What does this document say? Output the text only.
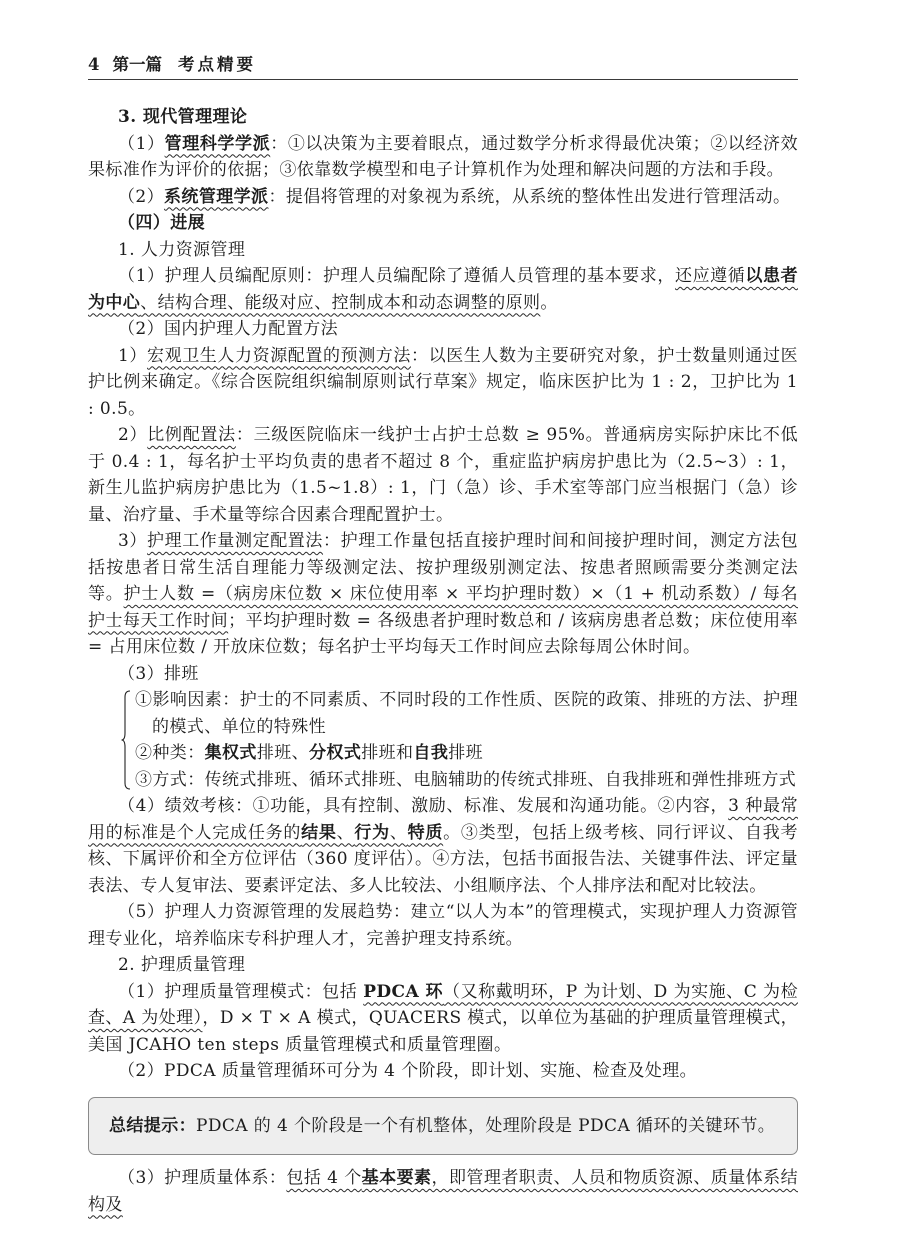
4 第一篇 考点精要

3. 现代管理理论

（1）管理科学学派：①以决策为主要着眼点，通过数学分析求得最优决策；②以经济效果标准作为评价的依据；③依靠数学模型和电子计算机作为处理和解决问题的方法和手段。

（2）系统管理学派：提倡将管理的对象视为系统，从系统的整体性出发进行管理活动。

（四）进展

1. 人力资源管理

（1）护理人员编配原则：护理人员编配除了遵循人员管理的基本要求，还应遵循以患者为中心、结构合理、能级对应、控制成本和动态调整的原则。

（2）国内护理人力配置方法

1）宏观卫生人力资源配置的预测方法：以医生人数为主要研究对象，护士数量则通过医护比例来确定。《综合医院组织编制原则试行草案》规定，临床医护比为 1 : 2，卫护比为 1 : 0.5。

2）比例配置法：三级医院临床一线护士占护士总数 ≥ 95%。普通病房实际护床比不低于 0.4 : 1，每名护士平均负责的患者不超过 8 个，重症监护病房护患比为（2.5~3）: 1，新生儿监护病房护患比为（1.5~1.8）: 1，门（急）诊、手术室等部门应当根据门（急）诊量、治疗量、手术量等综合因素合理配置护士。

3）护理工作量测定配置法：护理工作量包括直接护理时间和间接护理时间，测定方法包括按患者日常生活自理能力等级测定法、按护理级别测定法、按患者照顾需要分类测定法等。护士人数 =（病房床位数 × 床位使用率 × 平均护理时数）×（1 + 机动系数）/ 每名护士每天工作时间；平均护理时数 = 各级患者护理时数总和 / 该病房患者总数；床位使用率 = 占用床位数 / 开放床位数；每名护士平均每天工作时间应去除每周公休时间。

（3）排班

①影响因素：护士的不同素质、不同时段的工作性质、医院的政策、排班的方法、护理的模式、单位的特殊性

②种类：集权式排班、分权式排班和自我排班

③方式：传统式排班、循环式排班、电脑辅助的传统式排班、自我排班和弹性排班方式

（4）绩效考核：①功能，具有控制、激励、标准、发展和沟通功能。②内容，3 种最常用的标准是个人完成任务的结果、行为、特质。③类型，包括上级考核、同行评议、自我考核、下属评价和全方位评估（360 度评估）。④方法，包括书面报告法、关键事件法、评定量表法、专人复审法、要素评定法、多人比较法、小组顺序法、个人排序法和配对比较法。

（5）护理人力资源管理的发展趋势：建立“以人为本”的管理模式，实现护理人力资源管理专业化，培养临床专科护理人才，完善护理支持系统。

2. 护理质量管理

（1）护理质量管理模式：包括 PDCA 环（又称戴明环，P 为计划、D 为实施、C 为检查、A 为处理），D × T × A 模式，QUACERS 模式，以单位为基础的护理质量管理模式，美国 JCAHO ten steps 质量管理模式和质量管理圈。

（2）PDCA 质量管理循环可分为 4 个阶段，即计划、实施、检查及处理。

总结提示：PDCA 的 4 个阶段是一个有机整体，处理阶段是 PDCA 循环的关键环节。

（3）护理质量体系：包括 4 个基本要素，即管理者职责、人员和物质资源、质量体系结构及
